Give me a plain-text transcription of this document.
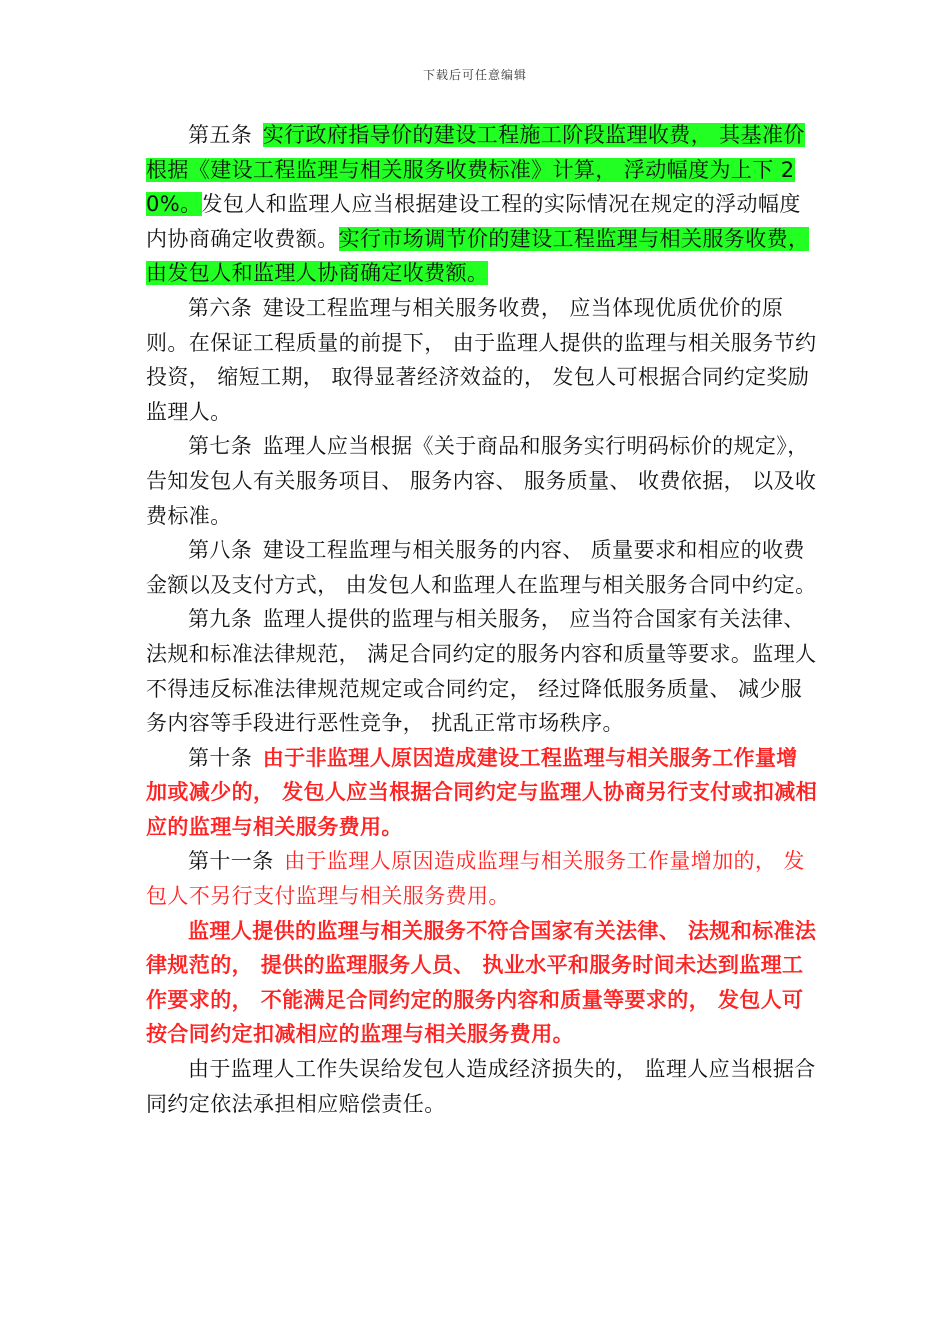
下载后可任意编辑

第五条 实行政府指导价的建设工程施工阶段监理收费， 其基准价根据《建设工程监理与相关服务收费标准》计算， 浮动幅度为上下 20%。发包人和监理人应当根据建设工程的实际情况在规定的浮动幅度内协商确定收费额。实行市场调节价的建设工程监理与相关服务收费， 由发包人和监理人协商确定收费额。

第六条 建设工程监理与相关服务收费， 应当体现优质优价的原则。在保证工程质量的前提下， 由于监理人提供的监理与相关服务节约投资， 缩短工期， 取得显著经济效益的， 发包人可根据合同约定奖励监理人。

第七条 监理人应当根据《关于商品和服务实行明码标价的规定》， 告知发包人有关服务项目、 服务内容、 服务质量、 收费依据， 以及收费标准。

第八条 建设工程监理与相关服务的内容、 质量要求和相应的收费金额以及支付方式， 由发包人和监理人在监理与相关服务合同中约定。

第九条 监理人提供的监理与相关服务， 应当符合国家有关法律、 法规和标准法律规范， 满足合同约定的服务内容和质量等要求。监理人不得违反标准法律规范规定或合同约定， 经过降低服务质量、 减少服务内容等手段进行恶性竞争， 扰乱正常市场秩序。

第十条 由于非监理人原因造成建设工程监理与相关服务工作量增加或减少的， 发包人应当根据合同约定与监理人协商另行支付或扣减相应的监理与相关服务费用。

第十一条 由于监理人原因造成监理与相关服务工作量增加的， 发包人不另行支付监理与相关服务费用。

监理人提供的监理与相关服务不符合国家有关法律、 法规和标准法律规范的， 提供的监理服务人员、 执业水平和服务时间未达到监理工作要求的， 不能满足合同约定的服务内容和质量等要求的， 发包人可按合同约定扣减相应的监理与相关服务费用。

由于监理人工作失误给发包人造成经济损失的， 监理人应当根据合同约定依法承担相应赔偿责任。
